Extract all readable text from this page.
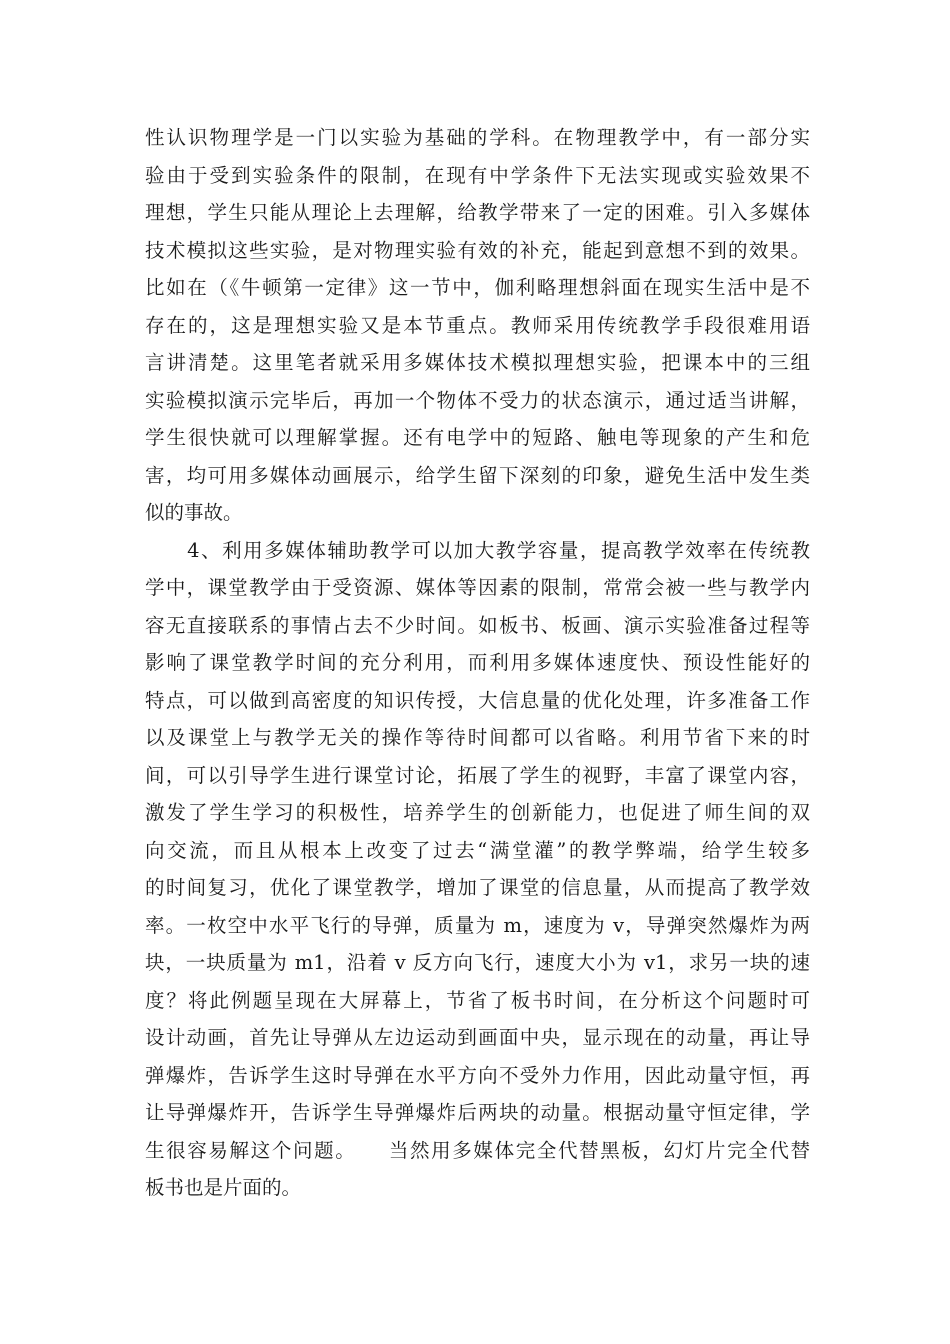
性认识物理学是一门以实验为基础的学科。在物理教学中，有一部分实
验由于受到实验条件的限制，在现有中学条件下无法实现或实验效果不
理想，学生只能从理论上去理解，给教学带来了一定的困难。引入多媒体
技术模拟这些实验，是对物理实验有效的补充，能起到意想不到的效果。
比如在（《牛顿第一定律》这一节中，伽利略理想斜面在现实生活中是不
存在的，这是理想实验又是本节重点。教师采用传统教学手段很难用语
言讲清楚。这里笔者就采用多媒体技术模拟理想实验，把课本中的三组
实验模拟演示完毕后，再加一个物体不受力的状态演示，通过适当讲解，
学生很快就可以理解掌握。还有电学中的短路、触电等现象的产生和危
害，均可用多媒体动画展示，给学生留下深刻的印象，避免生活中发生类
似的事故。
　　4、利用多媒体辅助教学可以加大教学容量，提高教学效率在传统教
学中，课堂教学由于受资源、媒体等因素的限制，常常会被一些与教学内
容无直接联系的事情占去不少时间。如板书、板画、演示实验准备过程等
影响了课堂教学时间的充分利用，而利用多媒体速度快、预设性能好的
特点，可以做到高密度的知识传授，大信息量的优化处理，许多准备工作
以及课堂上与教学无关的操作等待时间都可以省略。利用节省下来的时
间，可以引导学生进行课堂讨论，拓展了学生的视野，丰富了课堂内容，
激发了学生学习的积极性，培养学生的创新能力，也促进了师生间的双
向交流，而且从根本上改变了过去“满堂灌”的教学弊端，给学生较多
的时间复习，优化了课堂教学，增加了课堂的信息量，从而提高了教学效
率。一枚空中水平飞行的导弹，质量为 m，速度为 v，导弹突然爆炸为两
块，一块质量为 m1，沿着 v 反方向飞行，速度大小为 v1，求另一块的速
度？将此例题呈现在大屏幕上，节省了板书时间，在分析这个问题时可
设计动画，首先让导弹从左边运动到画面中央，显示现在的动量，再让导
弹爆炸，告诉学生这时导弹在水平方向不受外力作用，因此动量守恒，再
让导弹爆炸开，告诉学生导弹爆炸后两块的动量。根据动量守恒定律，学
生很容易解这个问题。　　当然用多媒体完全代替黑板，幻灯片完全代替
板书也是片面的。
